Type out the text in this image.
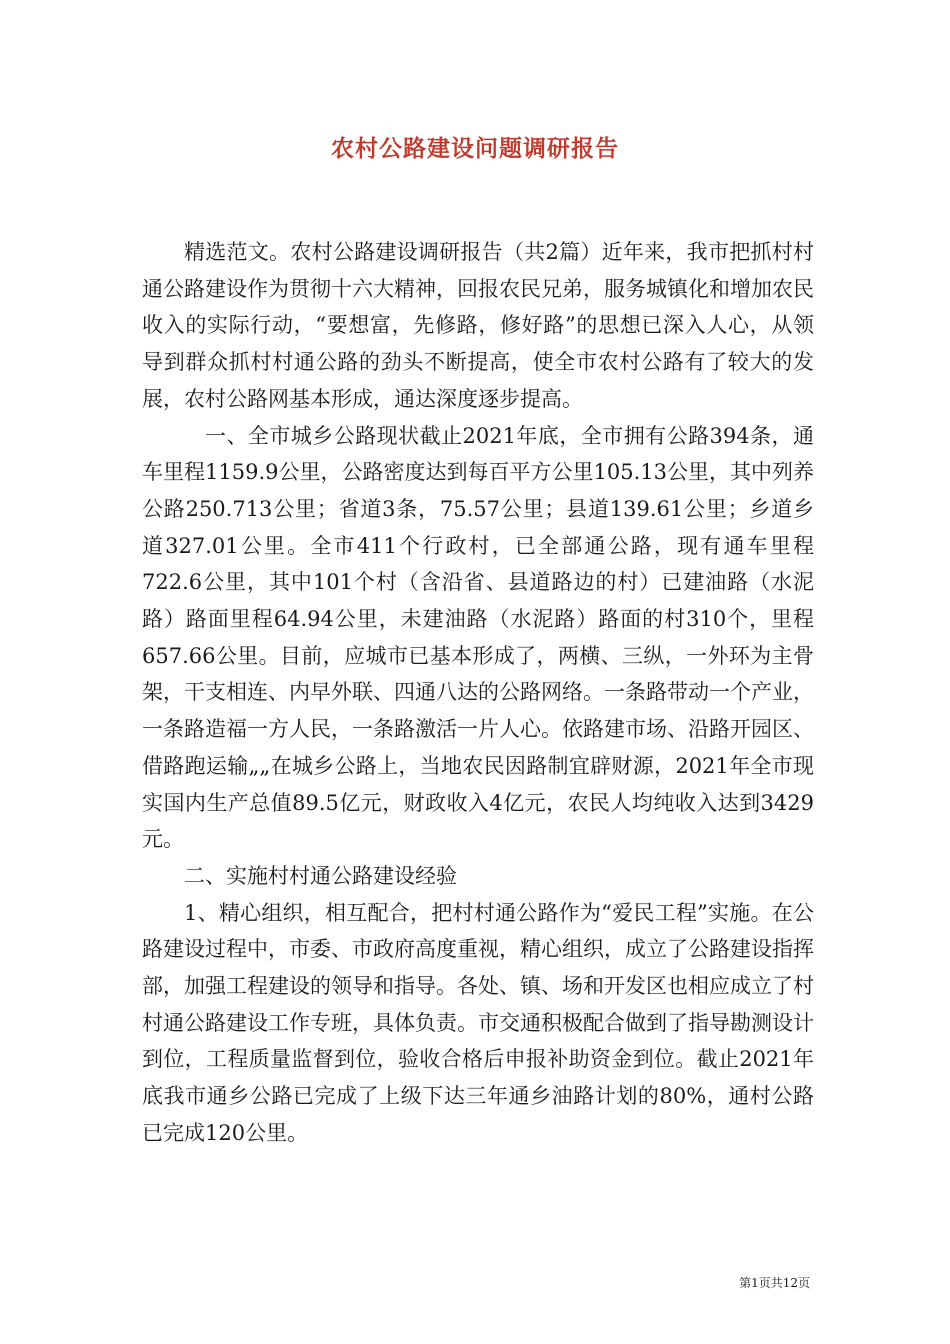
农村公路建设问题调研报告

精选范文。农村公路建设调研报告（共2篇）近年来，我市把抓村村通公路建设作为贯彻十六大精神，回报农民兄弟，服务城镇化和增加农民收入的实际行动，“要想富，先修路，修好路”的思想已深入人心，从领导到群众抓村村通公路的劲头不断提高，使全市农村公路有了较大的发展，农村公路网基本形成，通达深度逐步提高。

一、全市城乡公路现状截止2021年底，全市拥有公路394条，通车里程1159.9公里，公路密度达到每百平方公里105.13公里，其中列养公路250.713公里；省道3条，75.57公里；县道139.61公里；乡道乡道327.01公里。全市411个行政村，已全部通公路，现有通车里程722.6公里，其中101个村（含沿省、县道路边的村）已建油路（水泥路）路面里程64.94公里，未建油路（水泥路）路面的村310个，里程657.66公里。目前，应城市已基本形成了，两横、三纵，一外环为主骨架，干支相连、内早外联、四通八达的公路网络。一条路带动一个产业，一条路造福一方人民，一条路激活一片人心。依路建市场、沿路开园区、借路跑运输„„在城乡公路上，当地农民因路制宜辟财源，2021年全市现实国内生产总值89.5亿元，财政收入4亿元，农民人均纯收入达到3429元。

二、实施村村通公路建设经验

1、精心组织，相互配合，把村村通公路作为“爱民工程”实施。在公路建设过程中，市委、市政府高度重视，精心组织，成立了公路建设指挥部，加强工程建设的领导和指导。各处、镇、场和开发区也相应成立了村村通公路建设工作专班，具体负责。市交通积极配合做到了指导勘测设计到位，工程质量监督到位，验收合格后申报补助资金到位。截止2021年底我市通乡公路已完成了上级下达三年通乡油路计划的80%，通村公路已完成120公里。

第1页共12页
